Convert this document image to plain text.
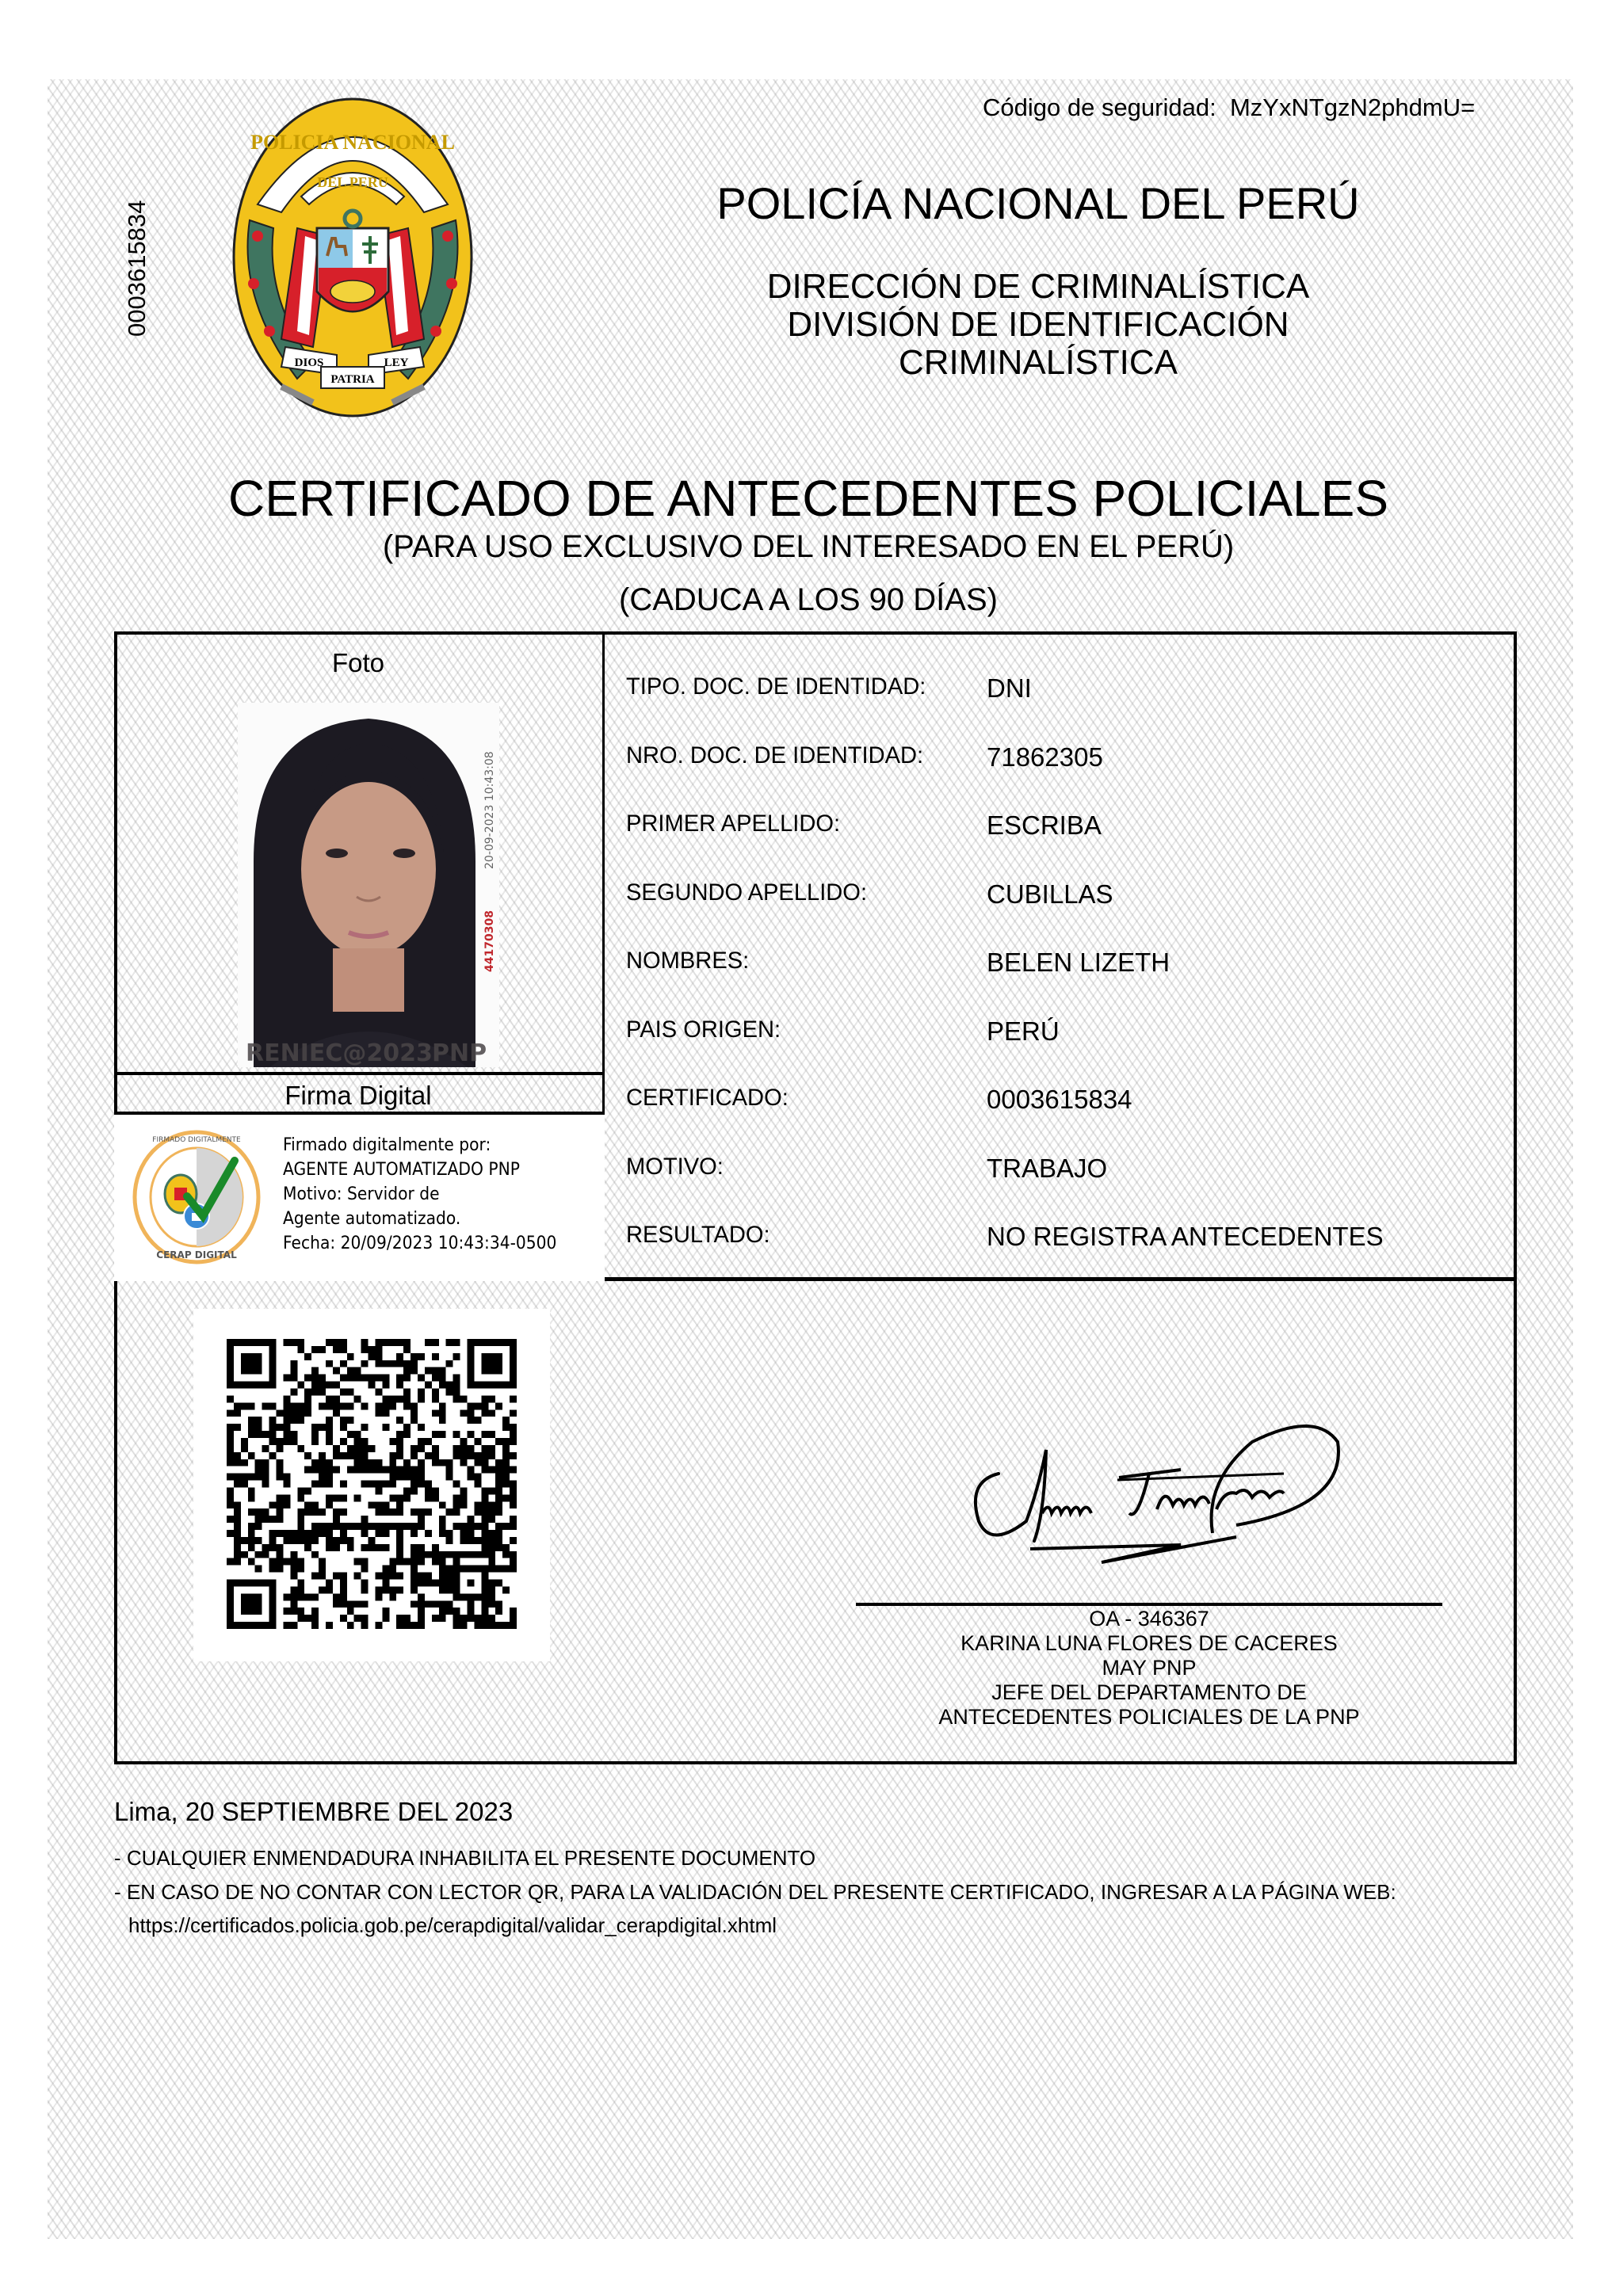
Código de seguridad: MzYxNTgzN2phdmU=
0003615834
POLICIA NACIONAL
DEL PERU
DIOS	LEY
PATRIA
POLICÍA NACIONAL DEL PERÚ
DIRECCIÓN DE CRIMINALÍSTICA
DIVISIÓN DE IDENTIFICACIÓN CRIMINALÍSTICA
CERTIFICADO DE ANTECEDENTES POLICIALES
(PARA USO EXCLUSIVO DEL INTERESADO EN EL PERÚ)
(CADUCA A LOS 90 DÍAS)
Foto
RENIEC@2023 PNP
20-09-2023 10:43:08
44170308
Firma Digital
CERAP DIGITAL
FIRMADO DIGITALMENTE Firmado digitalmente por:
AGENTE AUTOMATIZADO PNP
Motivo: Servidor de
Agente automatizado.
Fecha: 20/09/2023 10:43:34-0500
TIPO. DOC. DE IDENTIDAD: DNI
NRO. DOC. DE IDENTIDAD: 71862305
PRIMER APELLIDO:	ESCRIBA
SEGUNDO APELLIDO:	CUBILLAS
NOMBRES:	BELEN LIZETH
PAIS ORIGEN:	PERÚ
CERTIFICADO:	0003615834
MOTIVO:	TRABAJO
RESULTADO:	NO REGISTRA ANTECEDENTES
OA - 346367
KARINA LUNA FLORES DE CACERES
MAY PNP
JEFE DEL DEPARTAMENTO DE
ANTECEDENTES POLICIALES DE LA PNP
Lima, 20 SEPTIEMBRE DEL 2023
- CUALQUIER ENMENDADURA INHABILITA EL PRESENTE DOCUMENTO
- EN CASO DE NO CONTAR CON LECTOR QR, PARA LA VALIDACIÓN DEL PRESENTE CERTIFICADO, INGRESAR A LA PÁGINA WEB:
https://certificados.policia.gob.pe/cerapdigital/validar_cerapdigital.xhtml
